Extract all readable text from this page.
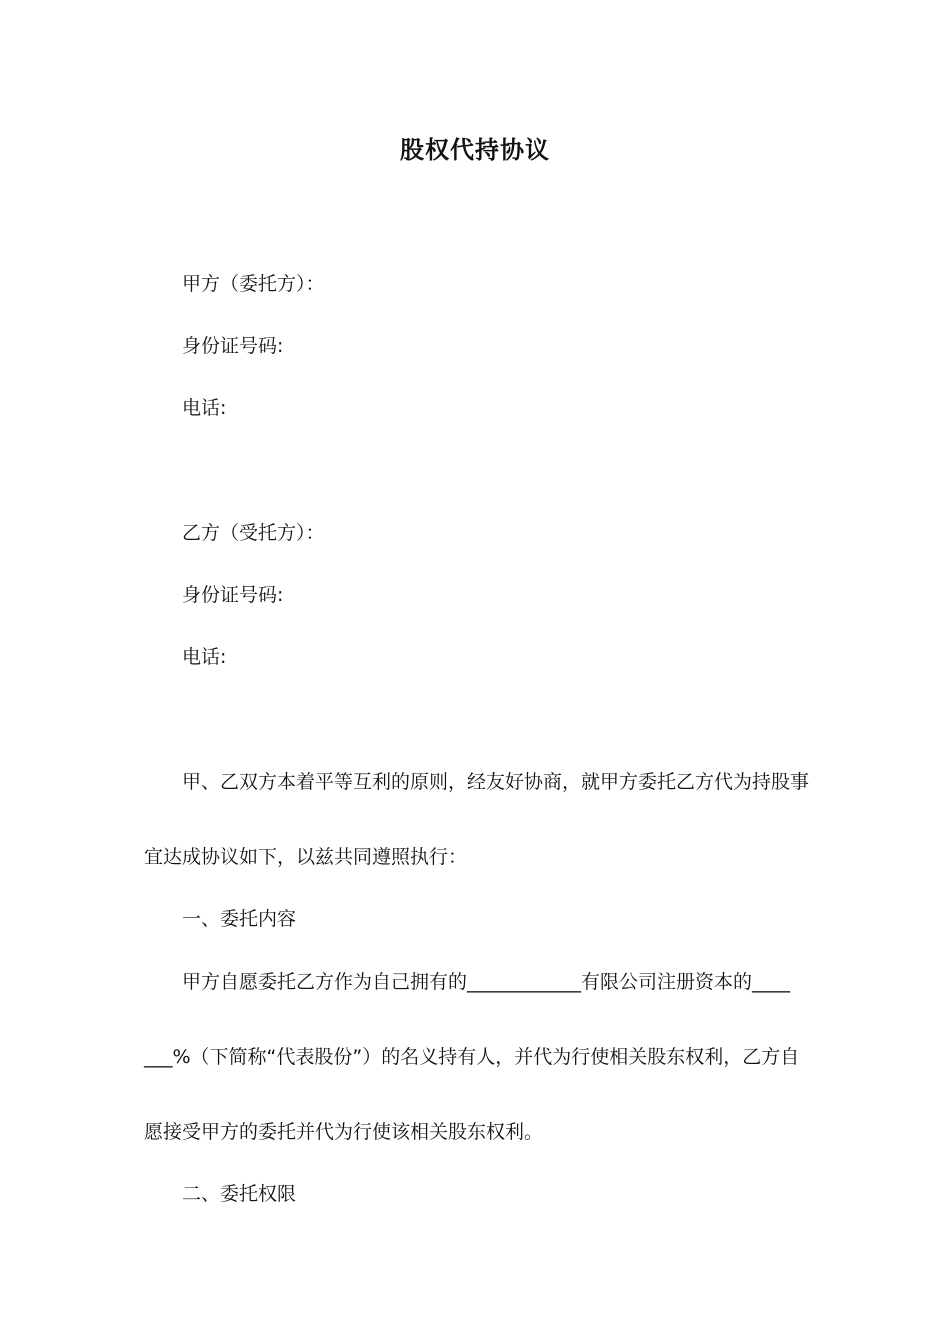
股权代持协议
甲方（委托方）：
身份证号码:
电话:
乙方（受托方）：
身份证号码:
电话:
甲、乙双方本着平等互利的原则，经友好协商，就甲方委托乙方代为持股事
宜达成协议如下，以兹共同遵照执行：
一、委托内容
甲方自愿委托乙方作为自己拥有的____________有限公司注册资本的____
___%（下简称“代表股份”）的名义持有人，并代为行使相关股东权利，乙方自
愿接受甲方的委托并代为行使该相关股东权利。
二、委托权限
